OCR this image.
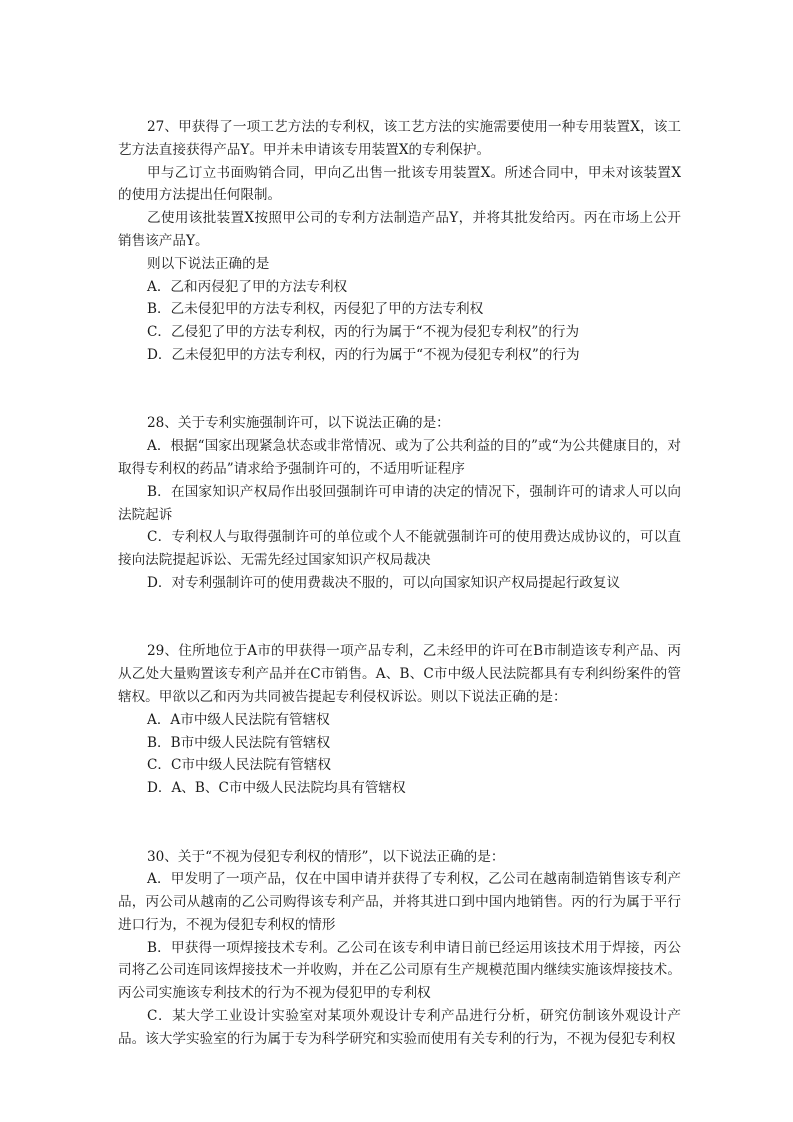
27、甲获得了一项工艺方法的专利权，该工艺方法的实施需要使用一种专用装置X，该工艺方法直接获得产品Y。甲并未申请该专用装置X的专利保护。

甲与乙订立书面购销合同，甲向乙出售一批该专用装置X。所述合同中，甲未对该装置X的使用方法提出任何限制。

乙使用该批装置X按照甲公司的专利方法制造产品Y，并将其批发给丙。丙在市场上公开销售该产品Y。

则以下说法正确的是

A．乙和丙侵犯了甲的方法专利权

B．乙未侵犯甲的方法专利权，丙侵犯了甲的方法专利权

C．乙侵犯了甲的方法专利权，丙的行为属于“不视为侵犯专利权”的行为

D．乙未侵犯甲的方法专利权，丙的行为属于“不视为侵犯专利权”的行为

28、关于专利实施强制许可，以下说法正确的是：

A．根据“国家出现紧急状态或非常情况、或为了公共利益的目的”或“为公共健康目的，对取得专利权的药品”请求给予强制许可的，不适用听证程序

B．在国家知识产权局作出驳回强制许可申请的决定的情况下，强制许可的请求人可以向法院起诉

C．专利权人与取得强制许可的单位或个人不能就强制许可的使用费达成协议的，可以直接向法院提起诉讼、无需先经过国家知识产权局裁决

D．对专利强制许可的使用费裁决不服的，可以向国家知识产权局提起行政复议

29、住所地位于A市的甲获得一项产品专利，乙未经甲的许可在B市制造该专利产品、丙从乙处大量购置该专利产品并在C市销售。A、B、C市中级人民法院都具有专利纠纷案件的管辖权。甲欲以乙和丙为共同被告提起专利侵权诉讼。则以下说法正确的是：

A．A市中级人民法院有管辖权

B．B市中级人民法院有管辖权

C．C市中级人民法院有管辖权

D．A、B、C市中级人民法院均具有管辖权

30、关于“不视为侵犯专利权的情形”，以下说法正确的是：

A．甲发明了一项产品，仅在中国申请并获得了专利权，乙公司在越南制造销售该专利产品，丙公司从越南的乙公司购得该专利产品，并将其进口到中国内地销售。丙的行为属于平行进口行为，不视为侵犯专利权的情形

B．甲获得一项焊接技术专利。乙公司在该专利申请日前已经运用该技术用于焊接，丙公司将乙公司连同该焊接技术一并收购，并在乙公司原有生产规模范围内继续实施该焊接技术。丙公司实施该专利技术的行为不视为侵犯甲的专利权

C．某大学工业设计实验室对某项外观设计专利产品进行分析，研究仿制该外观设计产品。该大学实验室的行为属于专为科学研究和实验而使用有关专利的行为，不视为侵犯专利权
